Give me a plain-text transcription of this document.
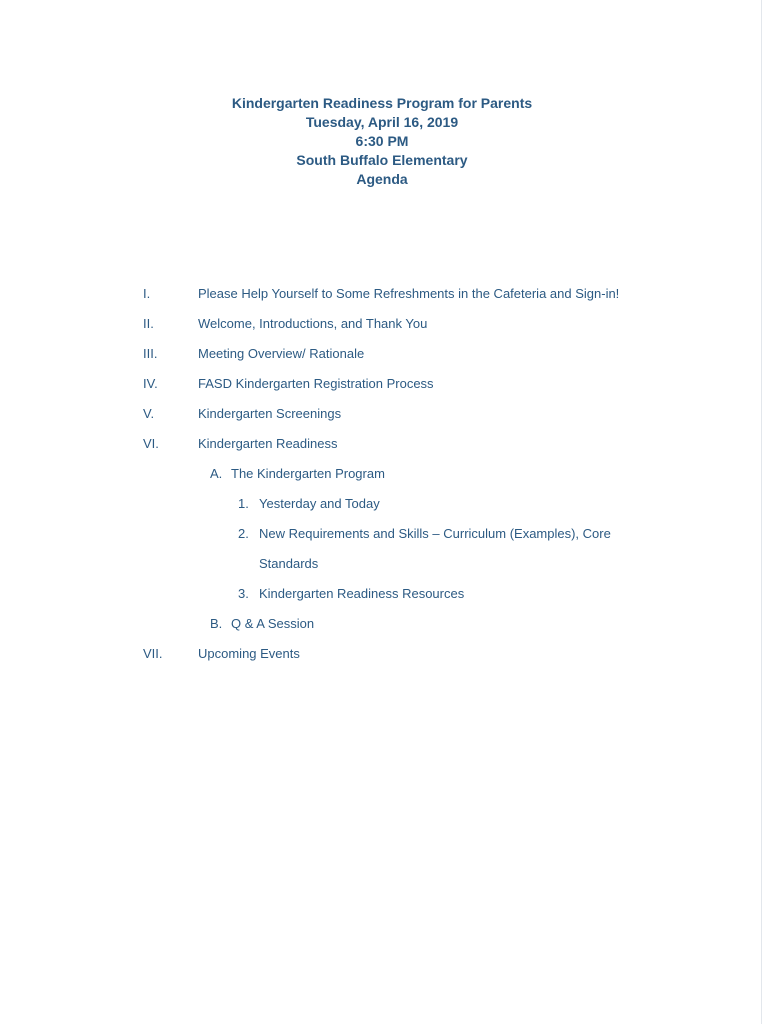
Kindergarten Readiness Program for Parents
Tuesday, April 16, 2019
6:30 PM
South Buffalo Elementary
Agenda
I.	Please Help Yourself to Some Refreshments in the Cafeteria and Sign-in!
II.	Welcome, Introductions, and Thank You
III.	Meeting Overview/ Rationale
IV.	FASD Kindergarten Registration Process
V.	Kindergarten Screenings
VI.	Kindergarten Readiness
A. The Kindergarten Program
1. Yesterday and Today
2. New Requirements and Skills – Curriculum (Examples), Core
Standards
3. Kindergarten Readiness Resources
B. Q & A Session
VII.	Upcoming Events
